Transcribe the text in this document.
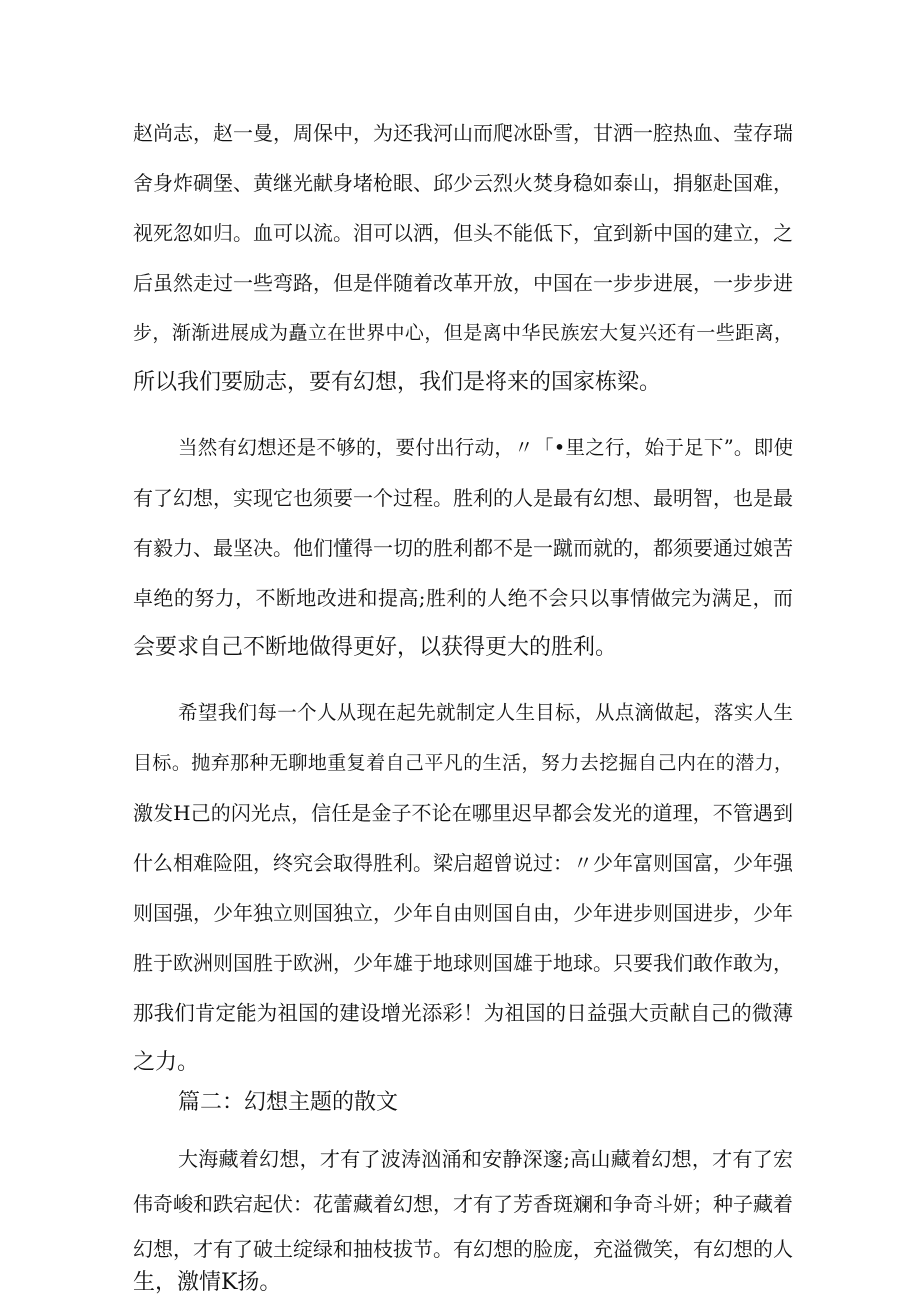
赵尚志，赵一曼，周保中，为还我河山而爬冰卧雪，甘洒一腔热血、莹存瑞
舍身炸碉堡、黄继光献身堵枪眼、邱少云烈火焚身稳如泰山，捐躯赴国难，
视死忽如归。血可以流。泪可以洒，但头不能低下，宜到新中国的建立，之
后虽然走过一些弯路，但是伴随着改革开放，中国在一步步进展，一步步进
步，渐渐进展成为矗立在世界中心，但是离中华民族宏大复兴还有一些距离，
所以我们要励志，要有幻想，我们是将来的国家栋梁。
当然有幻想还是不够的，要付出行动，〃「•里之行，始于足下”。即使
有了幻想，实现它也须要一个过程。胜利的人是最有幻想、最明智，也是最
有毅力、最坚决。他们懂得一切的胜利都不是一蹴而就的，都须要通过娘苦
卓绝的努力，不断地改进和提高;胜利的人绝不会只以事情做完为满足，而
会要求自己不断地做得更好，以获得更大的胜利。
希望我们每一个人从现在起先就制定人生目标，从点滴做起，落实人生
目标。抛弃那种无聊地重复着自己平凡的生活，努力去挖掘自己内在的潜力，
激发H己的闪光点，信任是金子不论在哪里迟早都会发光的道理，不管遇到
什么相难险阻，终究会取得胜利。梁启超曾说过：〃少年富则国富，少年强
则国强，少年独立则国独立，少年自由则国自由，少年进步则国进步，少年
胜于欧洲则国胜于欧洲，少年雄于地球则国雄于地球。只要我们敢作敢为，
那我们肯定能为祖国的建设增光添彩！为祖国的日益强大贡献自己的微薄
之力。
篇二：幻想主题的散文
大海藏着幻想，才有了波涛汹涌和安静深邃;高山藏着幻想，才有了宏
伟奇峻和跌宕起伏：花蕾藏着幻想，才有了芳香斑斓和争奇斗妍；种子藏着
幻想，才有了破土绽绿和抽枝拔节。有幻想的脸庞，充溢微笑，有幻想的人
生，激情K扬。
